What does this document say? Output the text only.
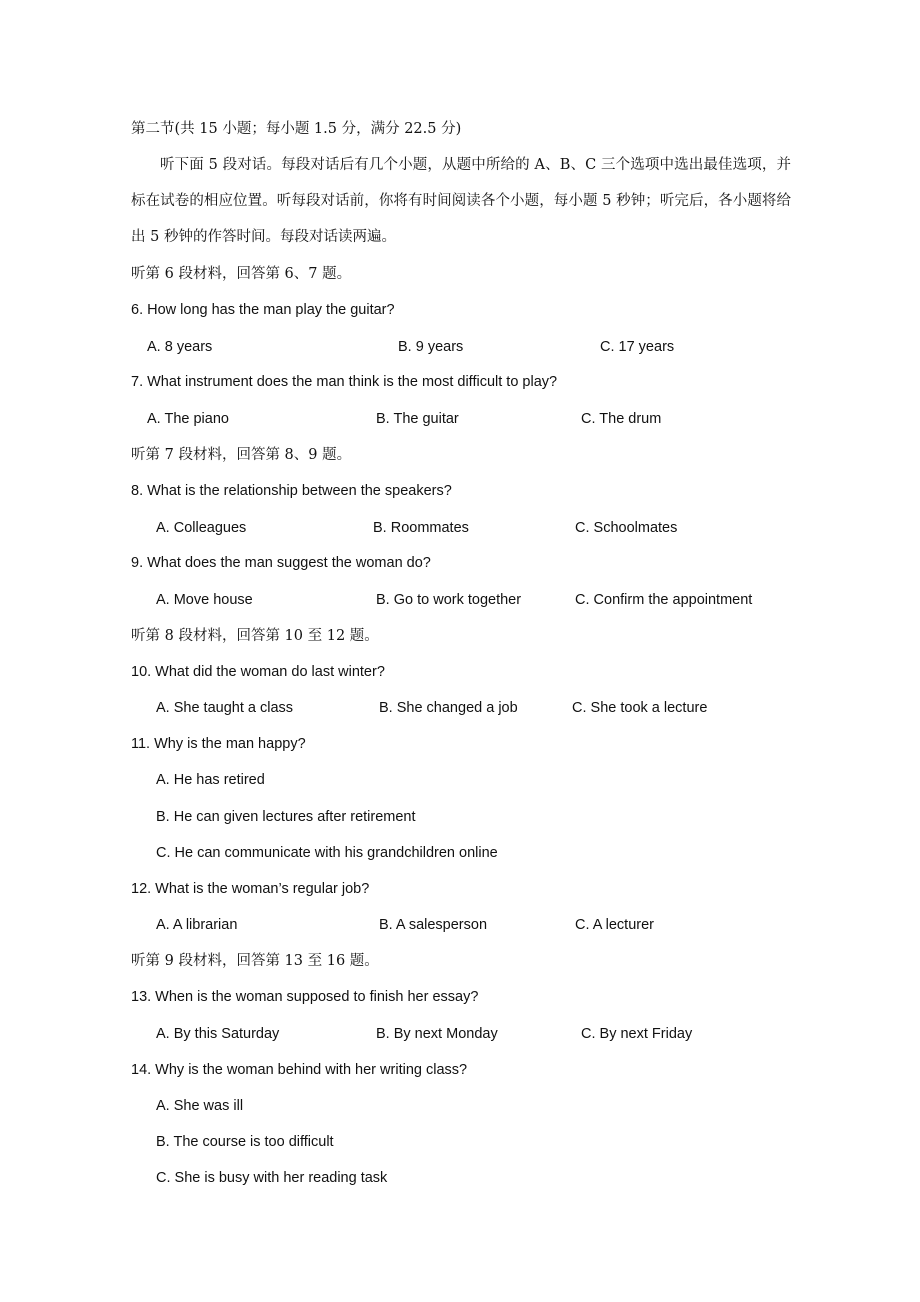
第二节(共 15 小题；每小题 1.5 分，满分 22.5 分)
听下面 5 段对话。每段对话后有几个小题，从题中所给的 A、B、C 三个选项中选出最佳选项，并标在试卷的相应位置。听每段对话前，你将有时间阅读各个小题，每小题 5 秒钟；听完后，各小题将给出 5 秒钟的作答时间。每段对话读两遍。
听第 6 段材料，回答第 6、7 题。
6. How long has the man play the guitar?
A. 8 years	B. 9 years	C. 17 years
7. What instrument does the man think is the most difficult to play?
A. The piano	B. The guitar	C. The drum
听第 7 段材料，回答第 8、9 题。
8. What is the relationship between the speakers?
A. Colleagues	B. Roommates	C. Schoolmates
9. What does the man suggest the woman do?
A. Move house	B. Go to work together	C. Confirm the appointment
听第 8 段材料，回答第 10 至 12 题。
10. What did the woman do last winter?
A. She taught a class	B. She changed a job	C. She took a lecture
11. Why is the man happy?
A. He has retired
B. He can given lectures after retirement
C. He can communicate with his grandchildren online
12. What is the woman’s regular job?
A. A librarian	B. A salesperson	C. A lecturer
听第 9 段材料，回答第 13 至 16 题。
13. When is the woman supposed to finish her essay?
A. By this Saturday	B. By next Monday	C. By next Friday
14. Why is the woman behind with her writing class?
A. She was ill
B. The course is too difficult
C. She is busy with her reading task
